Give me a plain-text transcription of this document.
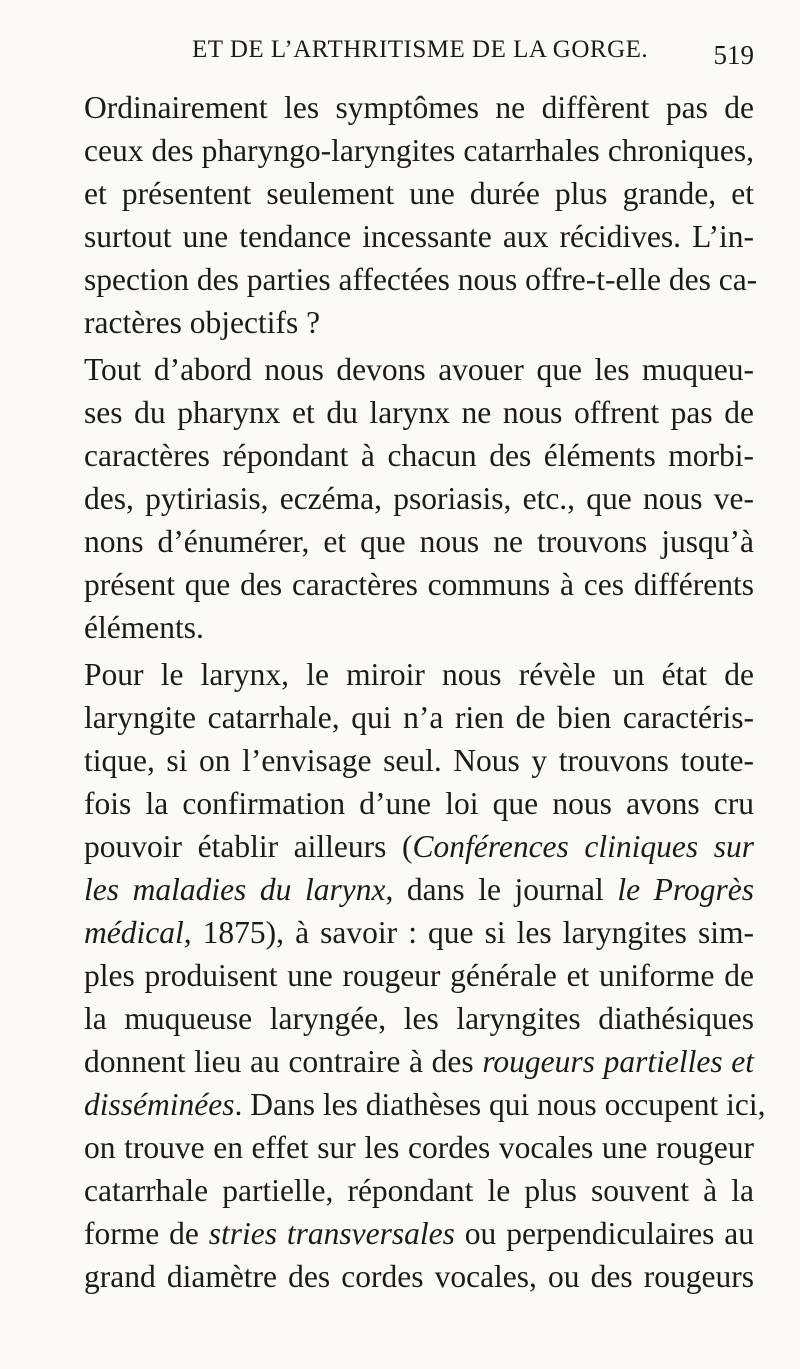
ET DE L’ARTHRITISME DE LA GORGE. 519

Ordinairement les symptômes ne diffèrent pas de
ceux des pharyngo-laryngites catarrhales chroniques,
et présentent seulement une durée plus grande, et
surtout une tendance incessante aux récidives. L’in-
spection des parties affectées nous offre-t-elle des ca-
ractères objectifs ?

Tout d’abord nous devons avouer que les muqueu-
ses du pharynx et du larynx ne nous offrent pas de
caractères répondant à chacun des éléments morbi-
des, pytiriasis, eczéma, psoriasis, etc., que nous ve-
nons d’énumérer, et que nous ne trouvons jusqu’à
présent que des caractères communs à ces différents
éléments.

Pour le larynx, le miroir nous révèle un état de
laryngite catarrhale, qui n’a rien de bien caractéris-
tique, si on l’envisage seul. Nous y trouvons toute-
fois la confirmation d’une loi que nous avons cru
pouvoir établir ailleurs (Conférences cliniques sur
les maladies du larynx, dans le journal le Progrès
médical, 1875), à savoir : que si les laryngites sim-
ples produisent une rougeur générale et uniforme de
la muqueuse laryngée, les laryngites diathésiques
donnent lieu au contraire à des rougeurs partielles et
disséminées. Dans les diathèses qui nous occupent ici,
on trouve en effet sur les cordes vocales une rougeur
catarrhale partielle, répondant le plus souvent à la
forme de stries transversales ou perpendiculaires au
grand diamètre des cordes vocales, ou des rougeurs
